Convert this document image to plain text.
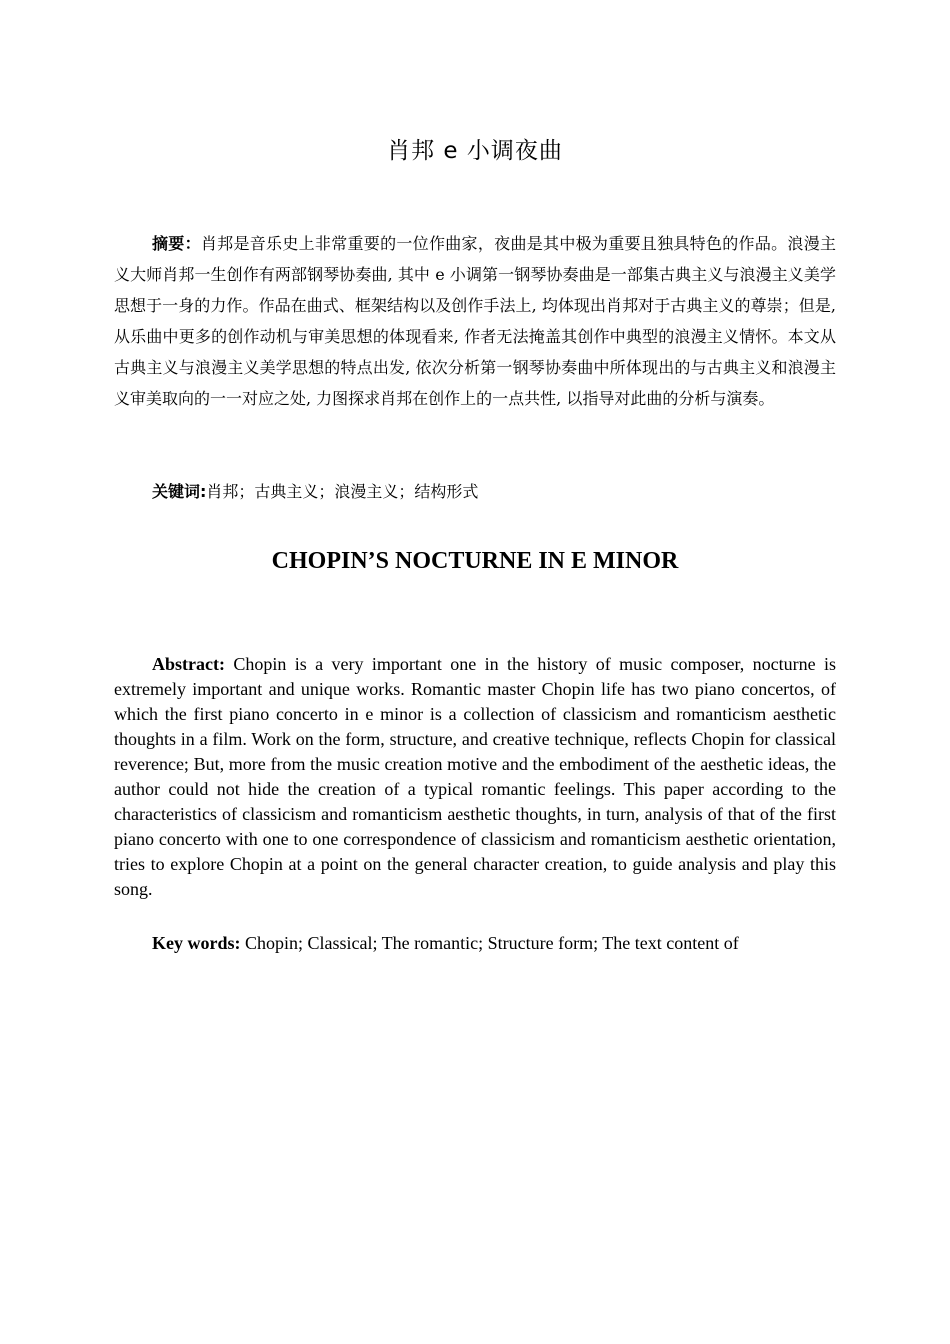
肖邦 e 小调夜曲

摘要：肖邦是音乐史上非常重要的一位作曲家，夜曲是其中极为重要且独具特色的作品。浪漫主义大师肖邦一生创作有两部钢琴协奏曲, 其中 e 小调第一钢琴协奏曲是一部集古典主义与浪漫主义美学思想于一身的力作。作品在曲式、框架结构以及创作手法上, 均体现出肖邦对于古典主义的尊崇；但是, 从乐曲中更多的创作动机与审美思想的体现看来, 作者无法掩盖其创作中典型的浪漫主义情怀。本文从古典主义与浪漫主义美学思想的特点出发, 依次分析第一钢琴协奏曲中所体现出的与古典主义和浪漫主义审美取向的一一对应之处, 力图探求肖邦在创作上的一点共性, 以指导对此曲的分析与演奏。

关键词:肖邦；古典主义；浪漫主义；结构形式

CHOPIN’S NOCTURNE IN E MINOR

Abstract: Chopin is a very important one in the history of music composer, nocturne is extremely important and unique works. Romantic master Chopin life has two piano concertos, of which the first piano concerto in e minor is a collection of classicism and romanticism aesthetic thoughts in a film. Work on the form, structure, and creative technique, reflects Chopin for classical reverence; But, more from the music creation motive and the embodiment of the aesthetic ideas, the author could not hide the creation of a typical romantic feelings. This paper according to the characteristics of classicism and romanticism aesthetic thoughts, in turn, analysis of that of the first piano concerto with one to one correspondence of classicism and romanticism aesthetic orientation, tries to explore Chopin at a point on the general character creation, to guide analysis and play this song.

Key words: Chopin; Classical; The romantic; Structure form; The text content of
